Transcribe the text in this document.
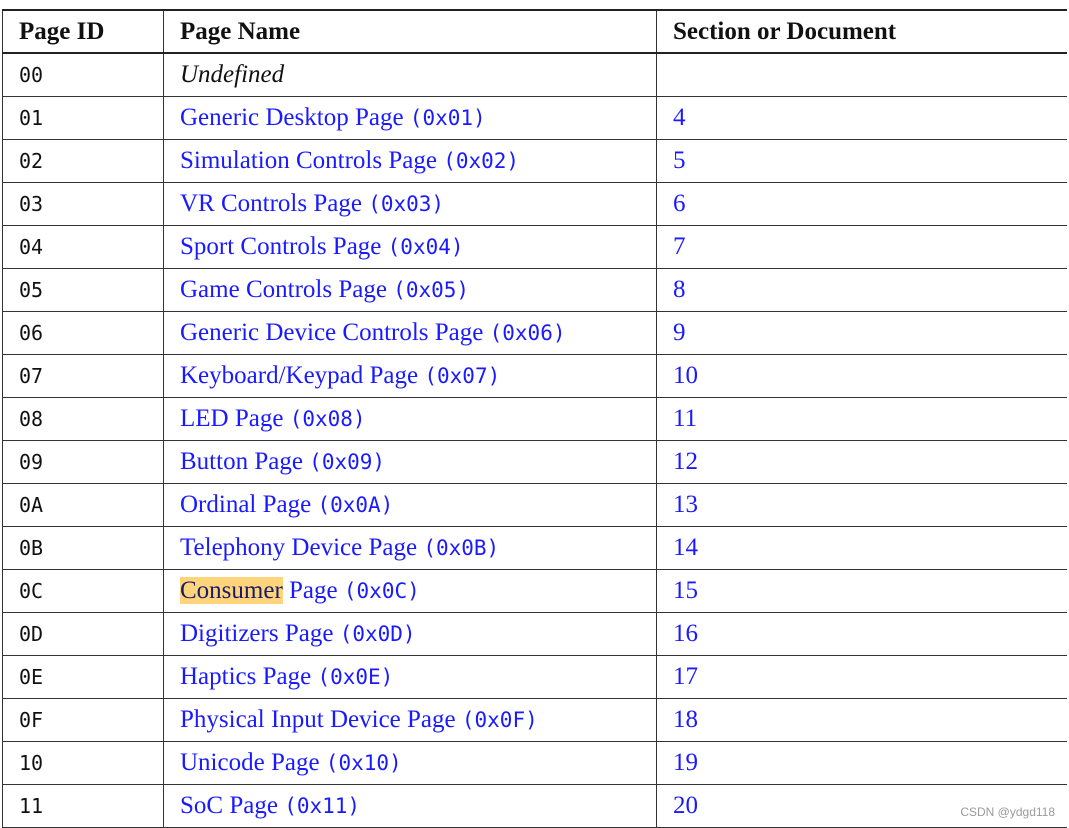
Page ID	Page Name	Section or Document
00	Undefined	
01	Generic Desktop Page (0x01)	4
02	Simulation Controls Page (0x02)	5
03	VR Controls Page (0x03)	6
04	Sport Controls Page (0x04)	7
05	Game Controls Page (0x05)	8
06	Generic Device Controls Page (0x06)	9
07	Keyboard/Keypad Page (0x07)	10
08	LED Page (0x08)	11
09	Button Page (0x09)	12
0A	Ordinal Page (0x0A)	13
0B	Telephony Device Page (0x0B)	14
0C	Consumer Page (0x0C)	15
0D	Digitizers Page (0x0D)	16
0E	Haptics Page (0x0E)	17
0F	Physical Input Device Page (0x0F)	18
10	Unicode Page (0x10)	19
11	SoC Page (0x11)	20	CSDN @ydgd118
